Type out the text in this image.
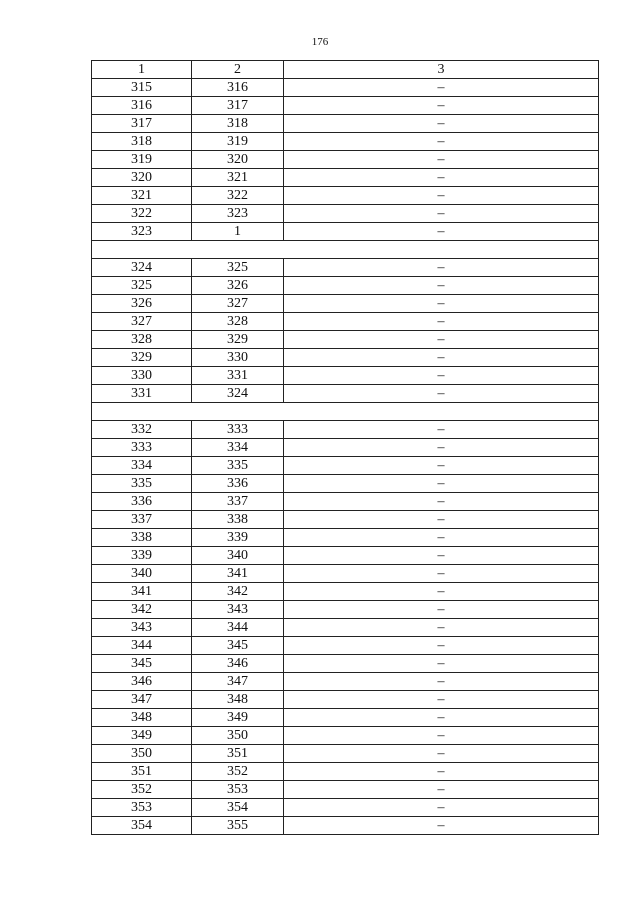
176
1	2	3
315	316	–
316	317	–
317	318	–
318	319	–
319	320	–
320	321	–
321	322	–
322	323	–
323	1	–

324	325	–
325	326	–
326	327	–
327	328	–
328	329	–
329	330	–
330	331	–
331	324	–

332	333	–
333	334	–
334	335	–
335	336	–
336	337	–
337	338	–
338	339	–
339	340	–
340	341	–
341	342	–
342	343	–
343	344	–
344	345	–
345	346	–
346	347	–
347	348	–
348	349	–
349	350	–
350	351	–
351	352	–
352	353	–
353	354	–
354	355	–
